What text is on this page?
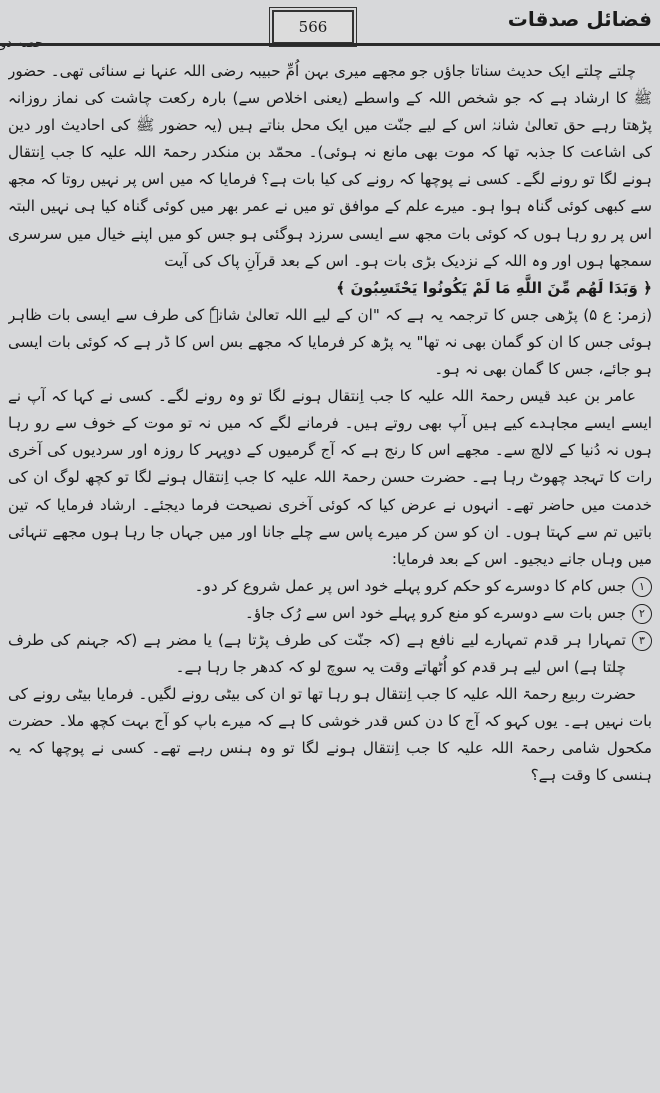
566	فضائل صدقات

چلتے چلتے ایک حدیث سناتا جاؤں جو مجھے میری بہن اُمِّ حبیبہ رضی اللہ عنہا نے سنائی تھی۔ حضور ﷺ کا ارشاد ہے کہ جو شخص اللہ کے واسطے (یعنی اخلاص سے) بارہ رکعت چاشت کی نماز روزانہ پڑھتا رہے حق تعالیٰ شانہٗ اس کے لیے جنّت میں ایک محل بناتے ہیں (یہ حضور ﷺ کی احادیث اور دین کی اشاعت کا جذبہ تھا کہ موت بھی مانع نہ ہوئی)۔ محمّد بن منکدر رحمۃ اللہ علیہ کا جب اِنتقال ہونے لگا تو رونے لگے۔ کسی نے پوچھا کہ رونے کی کیا بات ہے؟ فرمایا کہ میں اس پر نہیں روتا کہ مجھ سے کبھی کوئی گناہ ہوا ہو۔ میرے علم کے موافق تو میں نے عمر بھر میں کوئی گناہ کیا ہی نہیں البتہ اس پر رو رہا ہوں کہ کوئی بات مجھ سے ایسی سرزد ہوگئی ہو جس کو میں اپنے خیال میں سرسری سمجھا ہوں اور وہ اللہ کے نزدیک بڑی بات ہو۔ اس کے بعد قرآنِ پاک کی آیت

﴿ وَبَدَا لَهُم مِّنَ اللَّهِ مَا لَمْ يَكُونُوا يَحْتَسِبُونَ ﴾

(زمر: ع ۵) پڑھی جس کا ترجمہ یہ ہے کہ "ان کے لیے اللہ تعالیٰ شانہٗ کی طرف سے ایسی بات ظاہر ہوئی جس کا ان کو گمان بھی نہ تھا" یہ پڑھ کر فرمایا کہ مجھے بس اس کا ڈر ہے کہ کوئی بات ایسی ہو جائے، جس کا گمان بھی نہ ہو۔

عامر بن عبد قیس رحمۃ اللہ علیہ کا جب اِنتقال ہونے لگا تو وہ رونے لگے۔ کسی نے کہا کہ آپ نے ایسے ایسے مجاہدے کیے ہیں آپ بھی روتے ہیں۔ فرمانے لگے کہ میں نہ تو موت کے خوف سے رو رہا ہوں نہ دُنیا کے لالچ سے۔ مجھے اس کا رنج ہے کہ آج گرمیوں کے دوپہر کا روزہ اور سردیوں کی آخری رات کا تہجد چھوٹ رہا ہے۔ حضرت حسن رحمۃ اللہ علیہ کا جب اِنتقال ہونے لگا تو کچھ لوگ ان کی خدمت میں حاضر تھے۔ انہوں نے عرض کیا کہ کوئی آخری نصیحت فرما دیجئے۔ ارشاد فرمایا کہ تین باتیں تم سے کہتا ہوں۔ ان کو سن کر میرے پاس سے چلے جانا اور میں جہاں جا رہا ہوں مجھے تنہائی میں وہاں جانے دیجیو۔ اس کے بعد فرمایا:

۱
جس کام کا دوسرے کو حکم کرو پہلے خود اس پر عمل شروع کر دو۔
۲
جس بات سے دوسرے کو منع کرو پہلے خود اس سے رُک جاؤ۔
۳
تمہارا ہر قدم تمہارے لیے نافع ہے (کہ جنّت کی طرف پڑتا ہے) یا مضر ہے (کہ جہنم کی طرف چلتا ہے) اس لیے ہر قدم کو اُٹھاتے وقت یہ سوچ لو کہ کدھر جا رہا ہے۔

حضرت ربیع رحمۃ اللہ علیہ کا جب اِنتقال ہو رہا تھا تو ان کی بیٹی رونے لگیں۔ فرمایا بیٹی رونے کی بات نہیں ہے۔ یوں کہو کہ آج کا دن کس قدر خوشی کا ہے کہ میرے باپ کو آج بہت کچھ ملا۔ حضرت مکحول شامی رحمۃ اللہ علیہ کا جب اِنتقال ہونے لگا تو وہ ہنس رہے تھے۔ کسی نے پوچھا کہ یہ ہنسی کا وقت ہے؟
